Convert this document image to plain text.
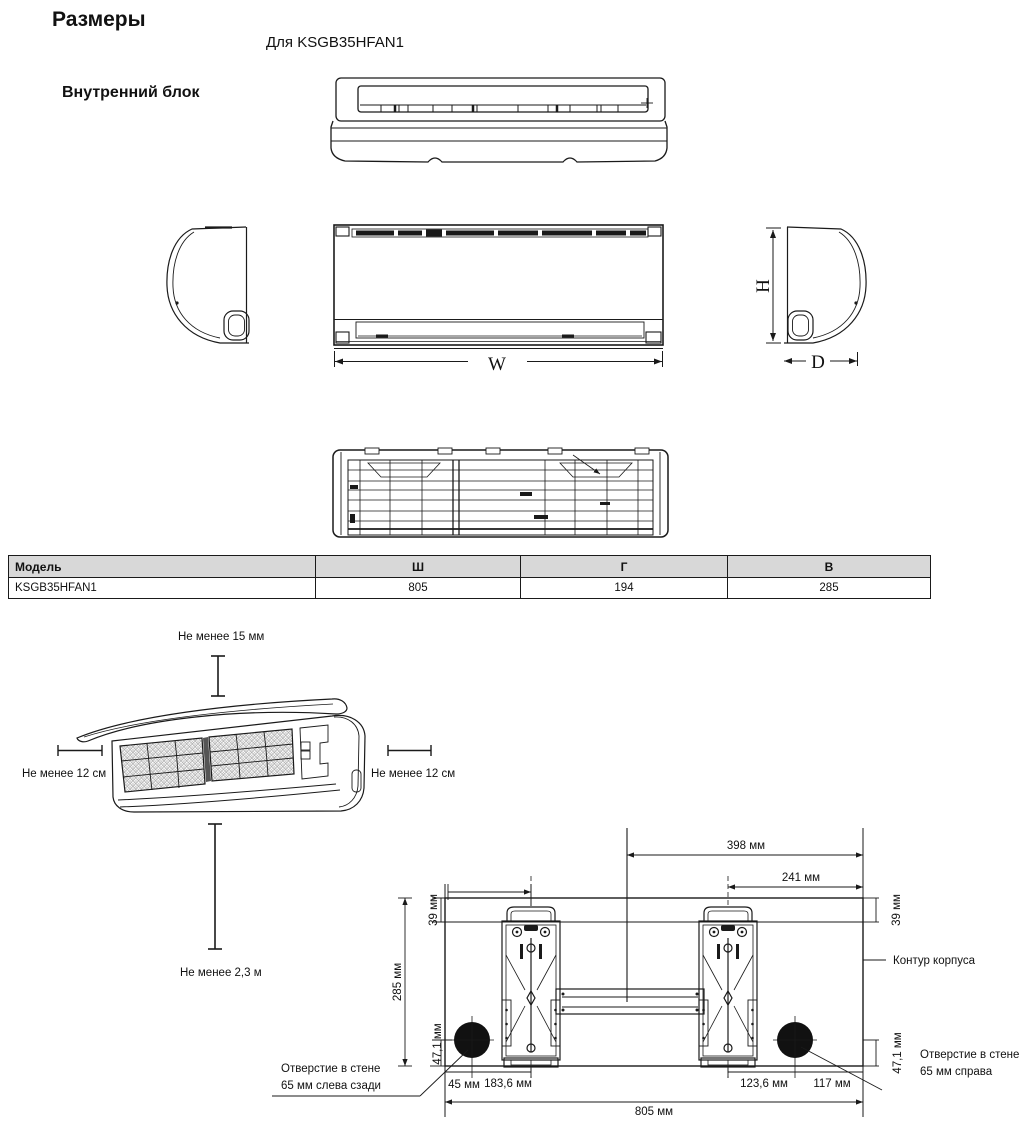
Размеры
Для KSGB35HFAN1
Внутренний блок
W
H
D
Модель	Ш	Г	В
KSGB35HFAN1	805	194	285
Не менее 15 мм
Не менее 12 см	Не менее 12 см
Не менее 2,3 м
398 мм
241 мм
39 мм	39 мм
285 мм
47,1 мм	47,1 мм
45 мм 183,6 мм	123,6 мм 117 мм
805 мм
Контур корпуса
Отверстие в стене
65 мм слева сзади
Отверстие в стене
65 мм справа
